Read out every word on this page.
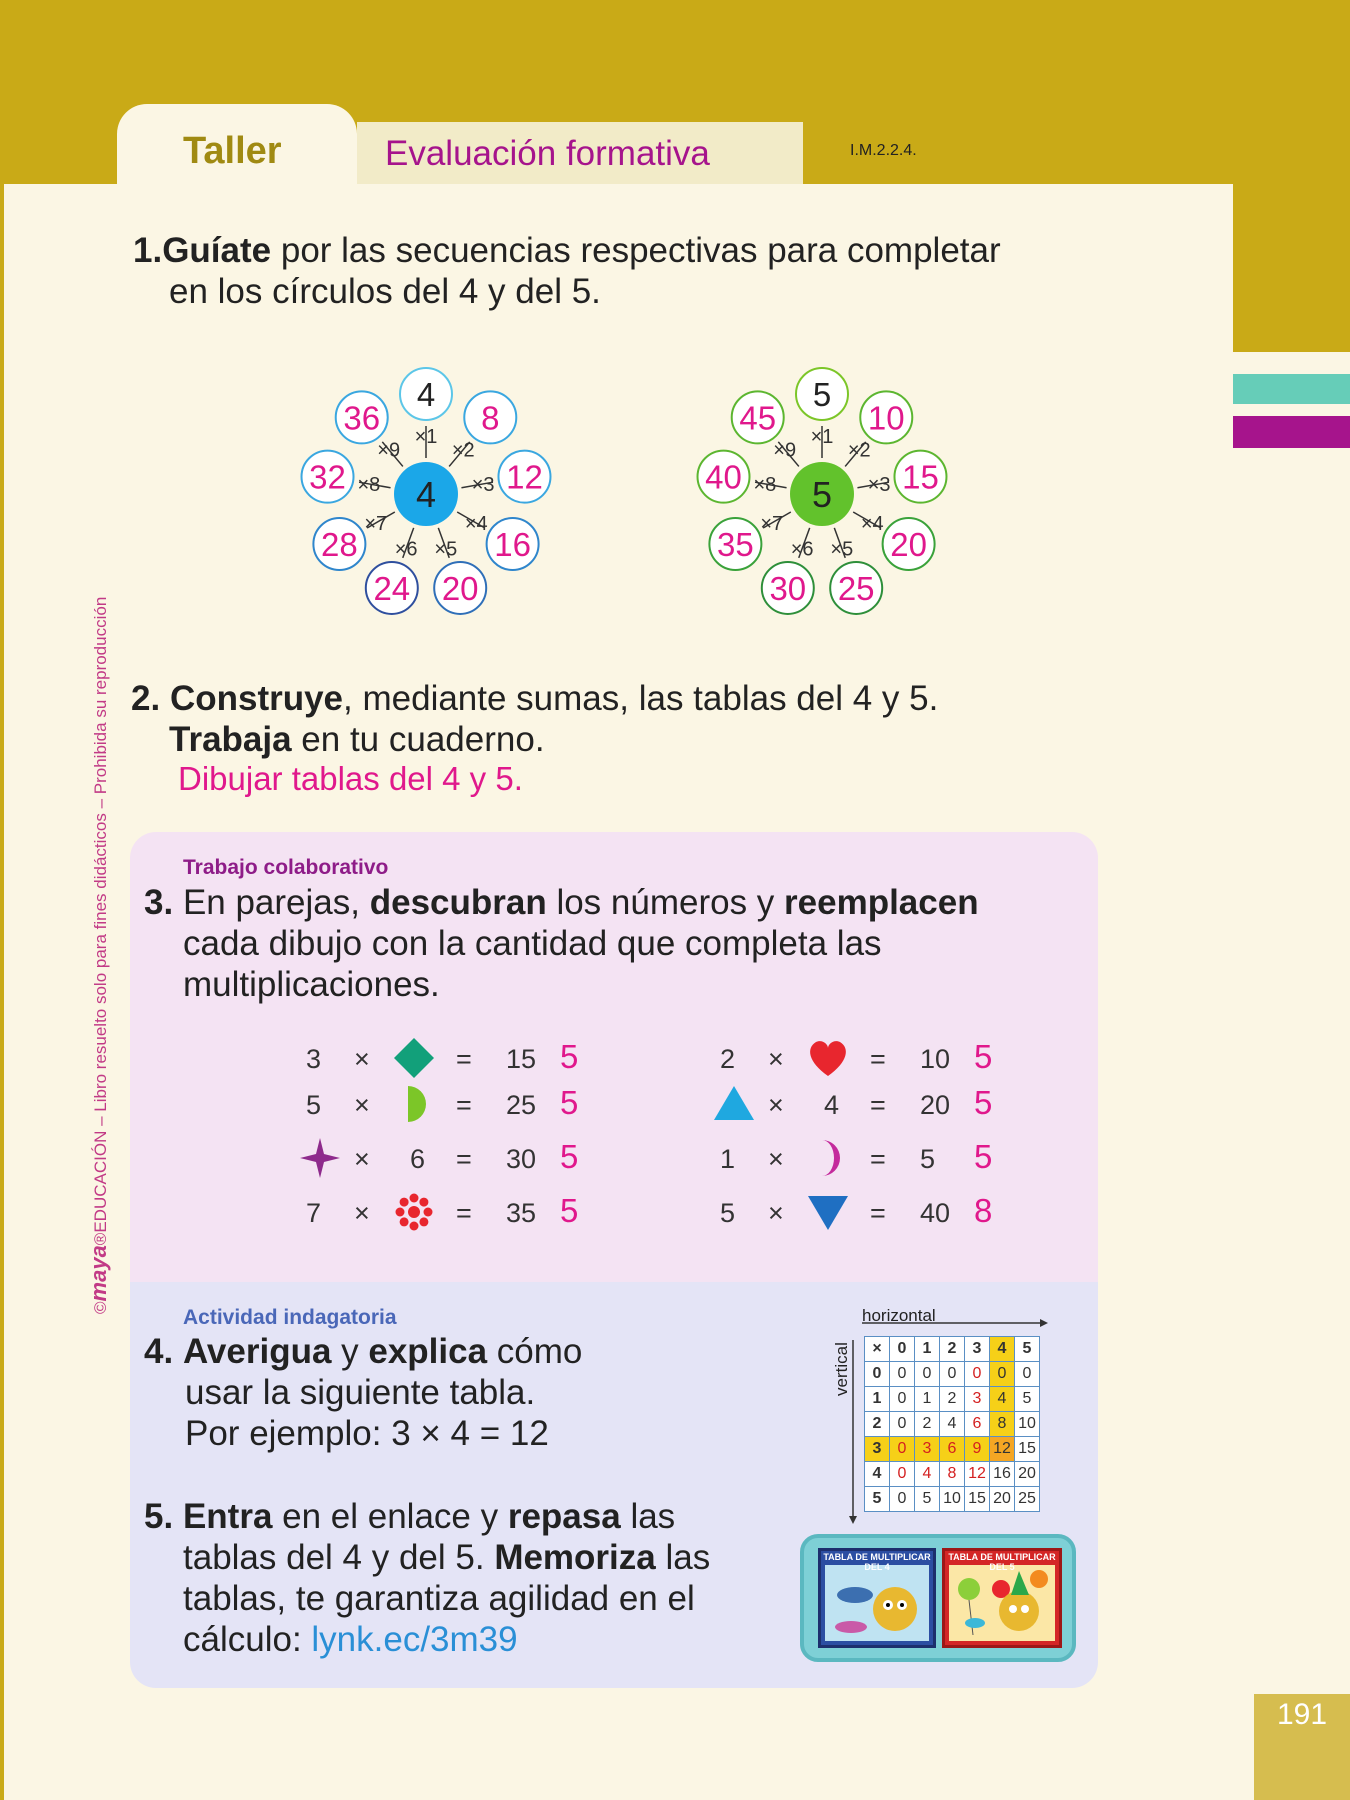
191
Taller	Evaluación formativa	I.M.2.2.4.
©maya®EDUCACIÓN – Libro resuelto solo para fines didácticos – Prohibida su reproducción
1.Guíate por las secuencias respectivas para completar
en los círculos del 4 y del 5.
4
×1
8
×2
12
×3
16
×4
20
×5
24
×6
28
×7
32 ×8
36
×9
4
5
×1
10
×2
15
×3
20
×4
25
×5
30
×6
35
×7
40 ×8
45
×9
5
2. Construye, mediante sumas, las tablas del 4 y 5.
Trabaja en tu cuaderno.
Dibujar tablas del 4 y 5.
Trabajo colaborativo
3. En parejas, descubran los números y reemplacen
cada dibujo con la cantidad que completa las
multiplicaciones.
3 ×	= 15 5
5 ×	= 25 5
× 6 = 30 5
7 ×	= 35 5
2 ×	= 10 5
× 4 = 20 5
1 ×	= 5 5
5 ×	= 40 8
Actividad indagatoria
4. Averigua y explica cómo
usar la siguiente tabla.
Por ejemplo: 3 × 4 = 12
5. Entra en el enlace y repasa las
tablas del 4 y del 5. Memoriza las
tablas, te garantiza agilidad en el
cálculo: lynk.ec/3m39
horizontal
vertical ×	0	1	2	3	4	5
0	0	0	0	0	0	0
1	0	1	2	3	4	5
2	0	2	4	6	8	10
3	0	3	6	9	12	15
4	0	4	8	12	16	20
5	0	5	10	15	20	25
TABLA DE MULTIPLICAR DEL 4
TABLA DE MULTIPLICAR DEL 5
